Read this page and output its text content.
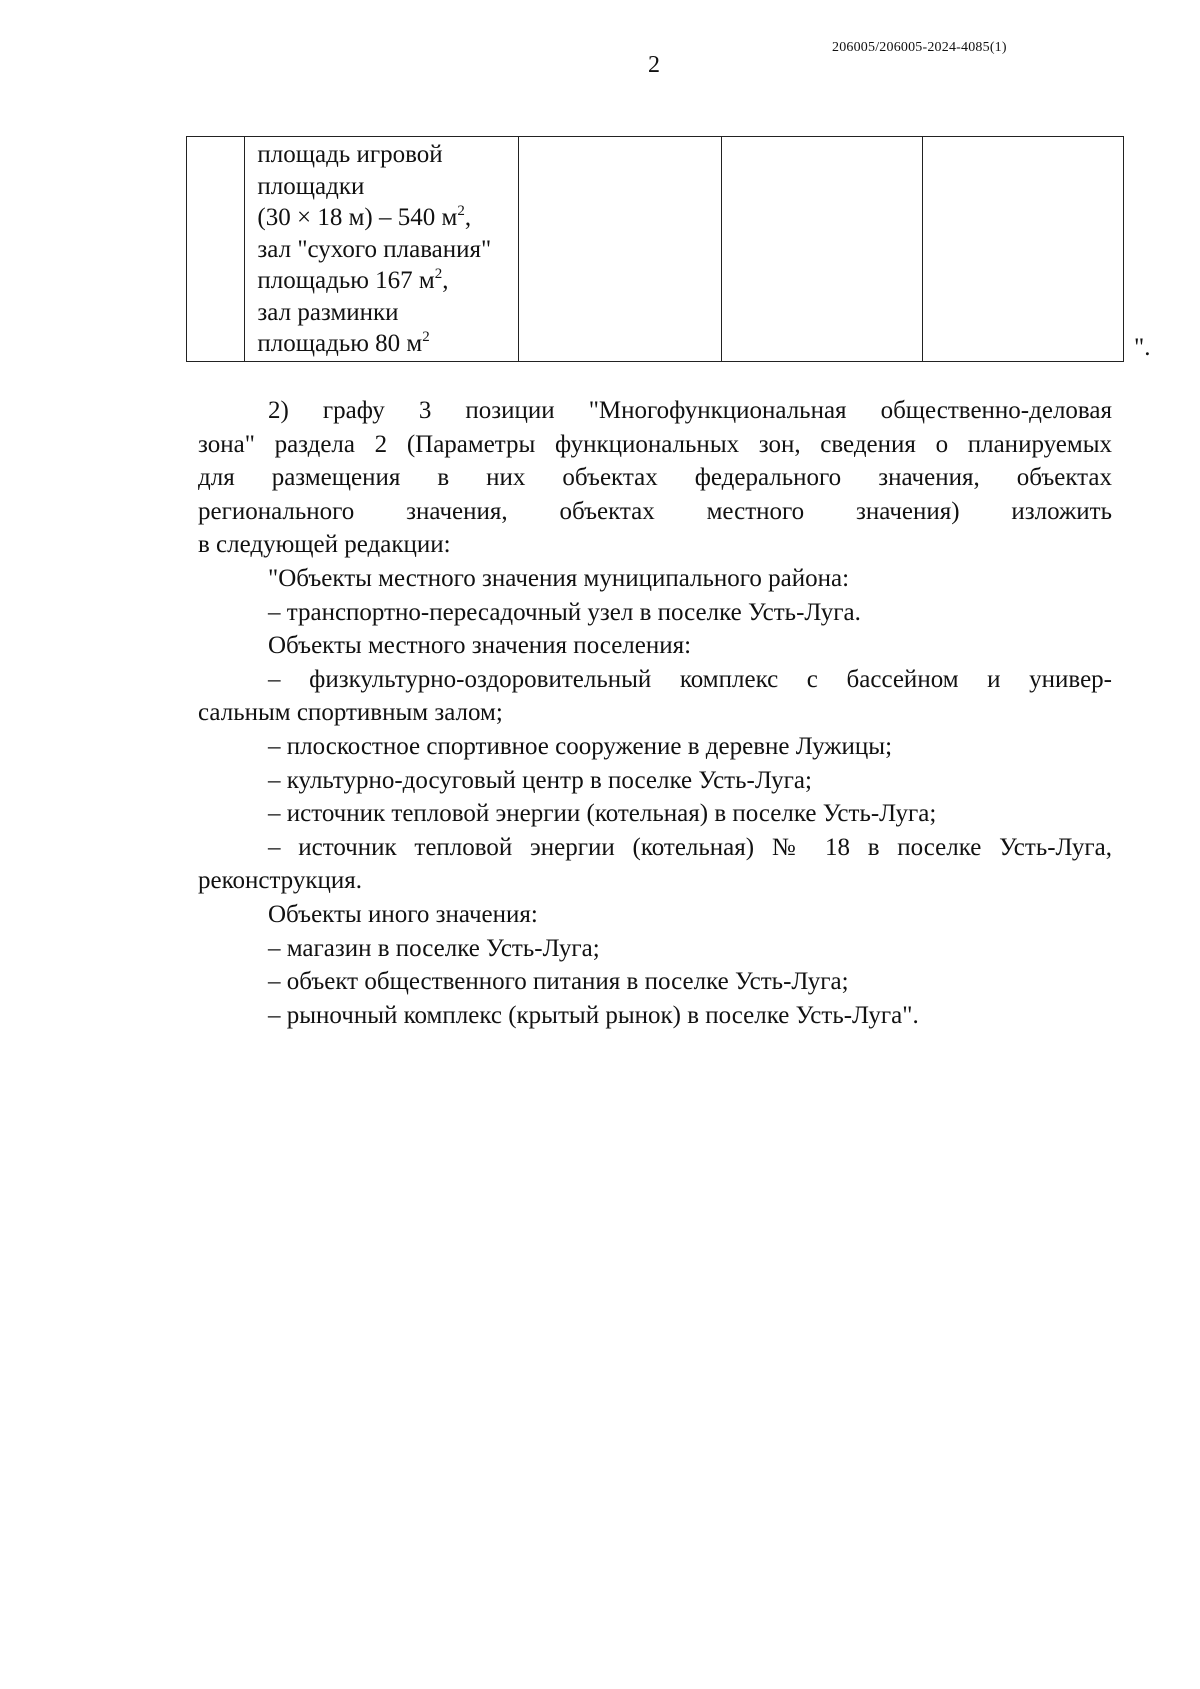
206005/206005-2024-4085(1)
2

площадь игровой
площадки
(30 × 18 м) – 540 $м^2$,
зал "сухого плавания"
площадью 167 $м^2$,
зал разминки
площадью 80 $м^2$
				".

2) графу 3 позиции "Многофункциональная общественно-деловая

зона" раздела 2 (Параметры функциональных зон, сведения о планируемых

для размещения в них объектах федерального значения, объектах

регионального значения, объектах местного значения) изложить

в следующей редакции:

"Объекты местного значения муниципального района:

– транспортно-пересадочный узел в поселке Усть-Луга.

Объекты местного значения поселения:

– физкультурно-оздоровительный комплекс с бассейном и универ-

сальным спортивным залом;

– плоскостное спортивное сооружение в деревне Лужицы;

– культурно-досуговый центр в поселке Усть-Луга;

– источник тепловой энергии (котельная) в поселке Усть-Луга;

– источник тепловой энергии (котельная) № 18 в поселке Усть-Луга,

реконструкция.

Объекты иного значения:

– магазин в поселке Усть-Луга;

– объект общественного питания в поселке Усть-Луга;

– рыночный комплекс (крытый рынок) в поселке Усть-Луга".
